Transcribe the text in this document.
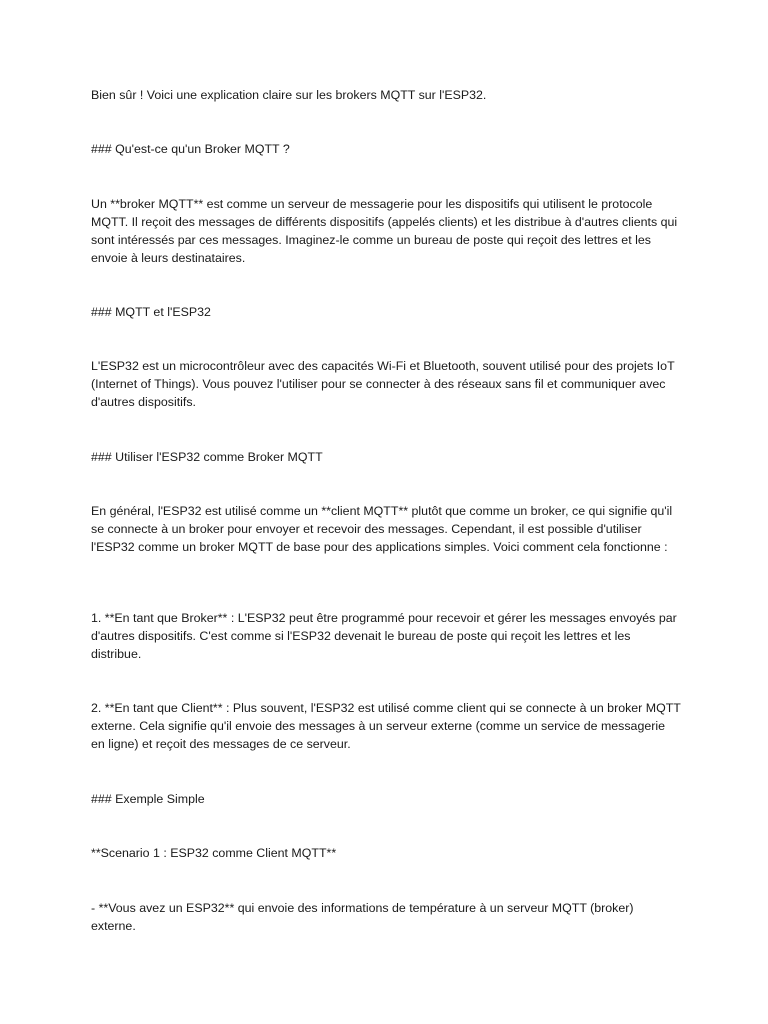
Bien sûr ! Voici une explication claire sur les brokers MQTT sur l'ESP32.

### Qu'est-ce qu'un Broker MQTT ?

Un **broker MQTT** est comme un serveur de messagerie pour les dispositifs qui utilisent le protocole MQTT. Il reçoit des messages de différents dispositifs (appelés clients) et les distribue à d'autres clients qui sont intéressés par ces messages. Imaginez-le comme un bureau de poste qui reçoit des lettres et les envoie à leurs destinataires.

### MQTT et l'ESP32

L'ESP32 est un microcontrôleur avec des capacités Wi-Fi et Bluetooth, souvent utilisé pour des projets IoT (Internet of Things). Vous pouvez l'utiliser pour se connecter à des réseaux sans fil et communiquer avec d'autres dispositifs.

### Utiliser l'ESP32 comme Broker MQTT

En général, l'ESP32 est utilisé comme un **client MQTT** plutôt que comme un broker, ce qui signifie qu'il se connecte à un broker pour envoyer et recevoir des messages. Cependant, il est possible d'utiliser l'ESP32 comme un broker MQTT de base pour des applications simples. Voici comment cela fonctionne :

1. **En tant que Broker** : L'ESP32 peut être programmé pour recevoir et gérer les messages envoyés par d'autres dispositifs. C'est comme si l'ESP32 devenait le bureau de poste qui reçoit les lettres et les distribue.

2. **En tant que Client** : Plus souvent, l'ESP32 est utilisé comme client qui se connecte à un broker MQTT externe. Cela signifie qu'il envoie des messages à un serveur externe (comme un service de messagerie en ligne) et reçoit des messages de ce serveur.

### Exemple Simple

**Scenario 1 : ESP32 comme Client MQTT**

- **Vous avez un ESP32** qui envoie des informations de température à un serveur MQTT (broker) externe.
